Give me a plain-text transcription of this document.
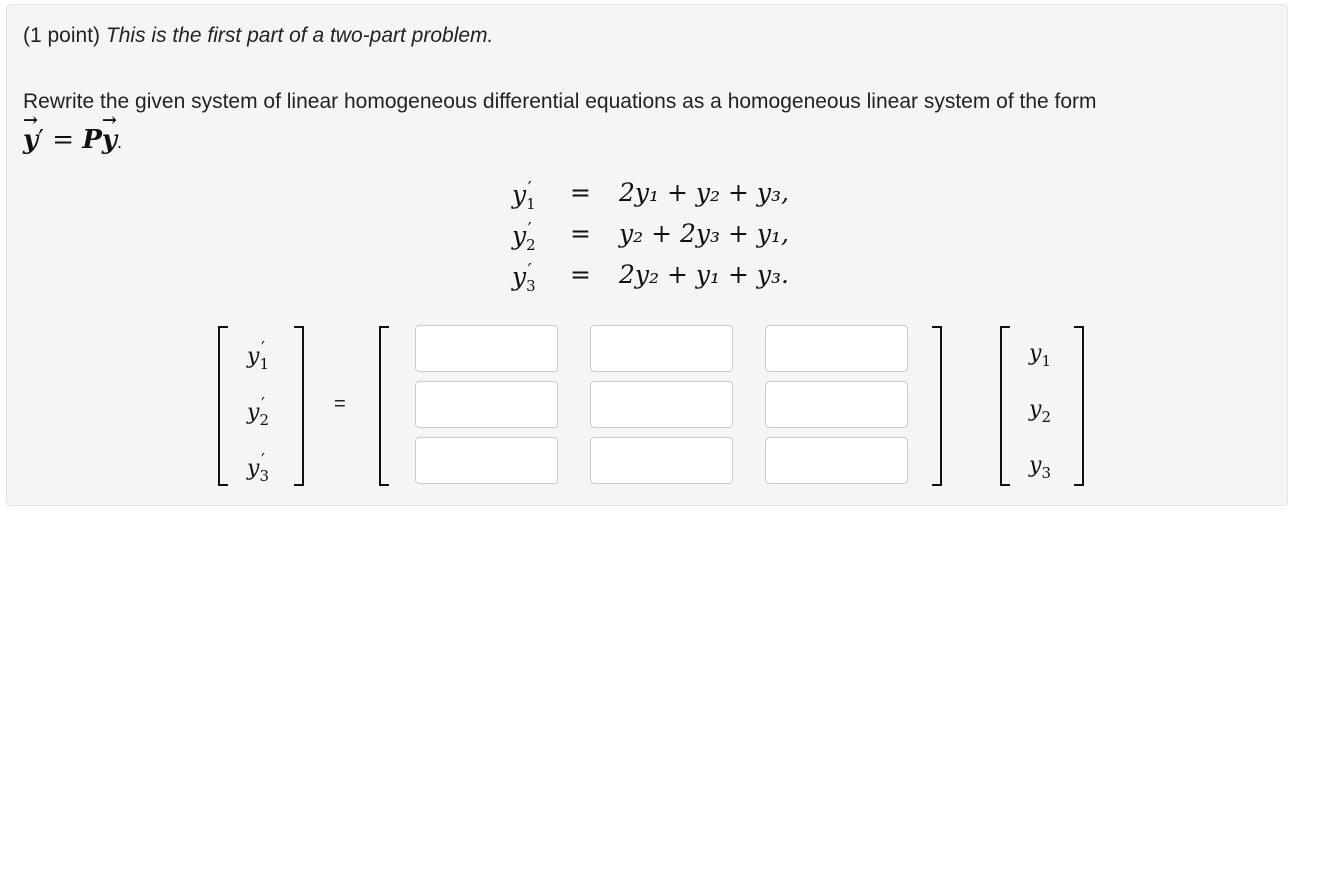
(1 point) This is the first part of a two-part problem.
Rewrite the given system of linear homogeneous differential equations as a homogeneous linear system of the form
→ y′ = P→ y.
$y_1' = 2y_1 + y_2 + y_3$,
$y_2' = y_2 + 2y_3 + y_1$,
$y_3' = 2y_2 + y_1 + y_3$.
$y_1'$
$y_2'$
$y_3'$
=
$y_1$
$y_2$
$y_3$
